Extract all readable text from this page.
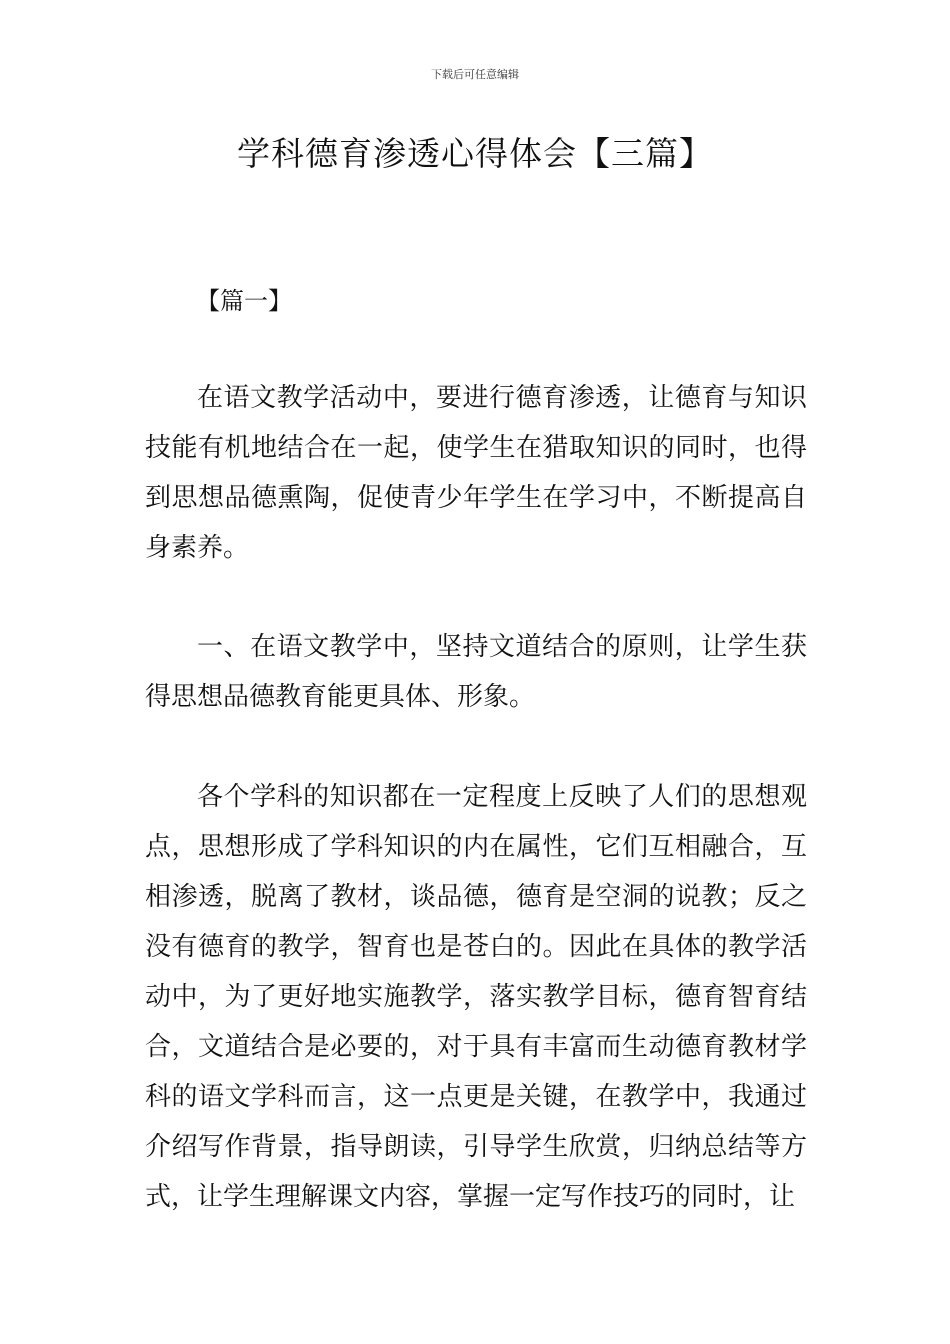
下载后可任意编辑
学科德育渗透心得体会【三篇】
【篇一】

在语文教学活动中，要进行德育渗透，让德育与知识技能有机地结合在一起，使学生在猎取知识的同时，也得到思想品德熏陶，促使青少年学生在学习中，不断提高自身素养。

一、在语文教学中，坚持文道结合的原则，让学生获得思想品德教育能更具体、形象。

各个学科的知识都在一定程度上反映了人们的思想观点，思想形成了学科知识的内在属性，它们互相融合，互相渗透，脱离了教材，谈品德，德育是空洞的说教；反之没有德育的教学，智育也是苍白的。因此在具体的教学活动中，为了更好地实施教学，落实教学目标，德育智育结合，文道结合是必要的，对于具有丰富而生动德育教材学科的语文学科而言，这一点更是关键，在教学中，我通过介绍写作背景，指导朗读，引导学生欣赏，归纳总结等方式，让学生理解课文内容，掌握一定写作技巧的同时，让
